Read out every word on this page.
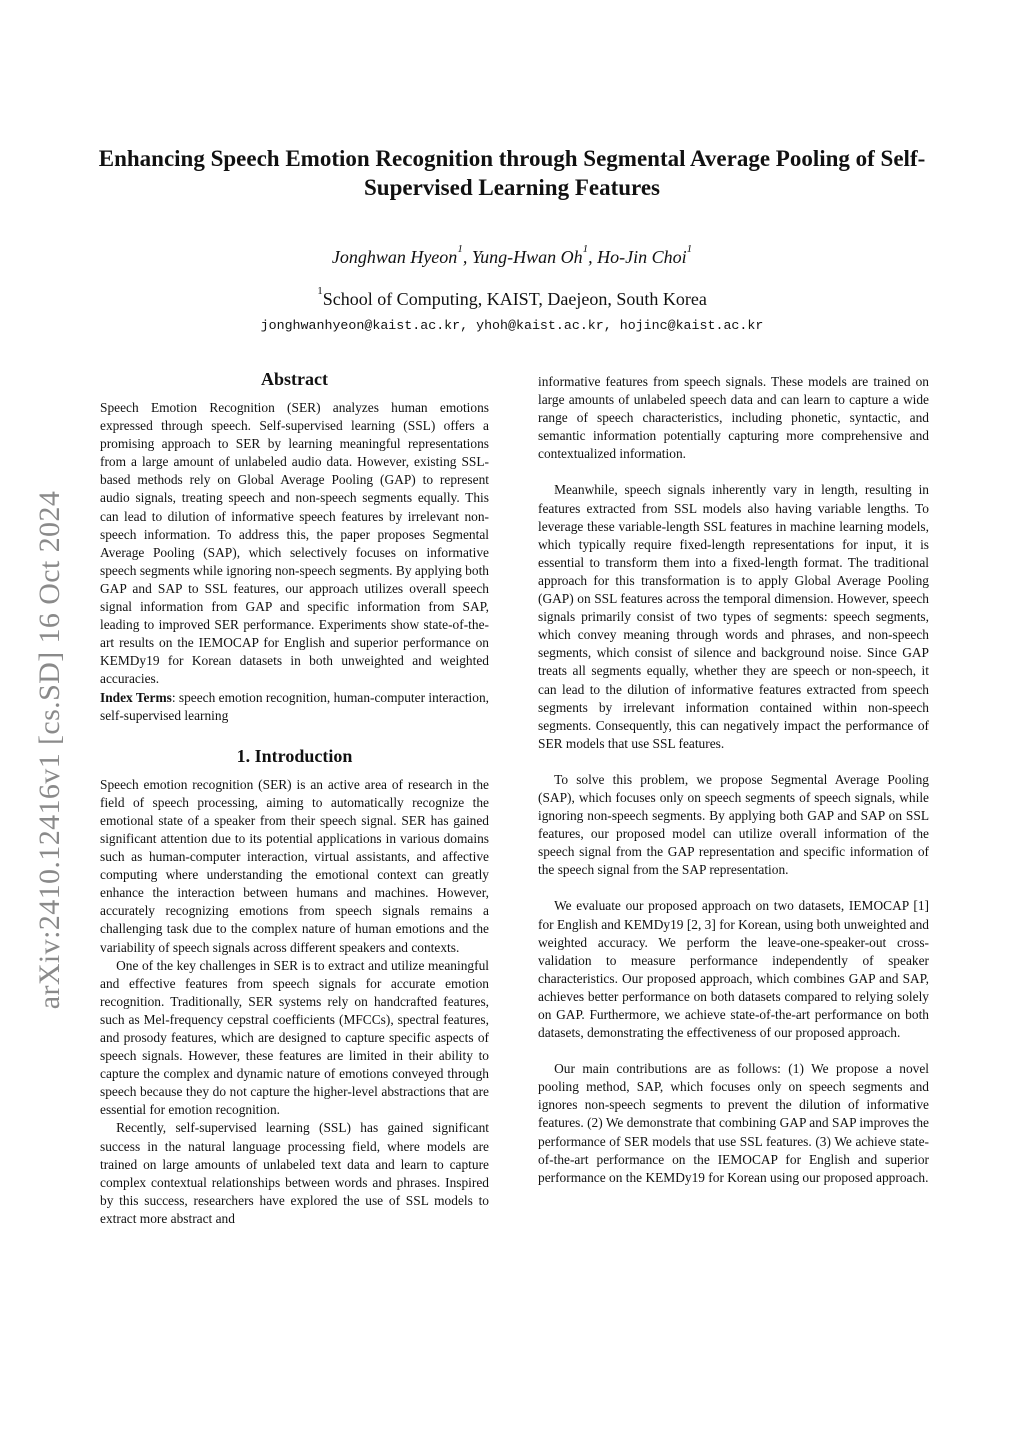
arXiv:2410.12416v1 [cs.SD] 16 Oct 2024
Enhancing Speech Emotion Recognition through Segmental Average Pooling of Self-Supervised Learning Features
Jonghwan Hyeon$^1$, Yung-Hwan Oh$^1$, Ho-Jin Choi$^1$
$^1$School of Computing, KAIST, Daejeon, South Korea
jonghwanhyeon@kaist.ac.kr, yhoh@kaist.ac.kr, hojinc@kaist.ac.kr
Abstract

Speech Emotion Recognition (SER) analyzes human emotions expressed through speech. Self-supervised learning (SSL) offers a promising approach to SER by learning meaningful representations from a large amount of unlabeled audio data. However, existing SSL-based methods rely on Global Average Pooling (GAP) to represent audio signals, treating speech and non-speech segments equally. This can lead to dilution of informative speech features by irrelevant non-speech information. To address this, the paper proposes Segmental Average Pooling (SAP), which selectively focuses on informative speech segments while ignoring non-speech segments. By applying both GAP and SAP to SSL features, our approach utilizes overall speech signal information from GAP and specific information from SAP, leading to improved SER performance. Experiments show state-of-the-art results on the IEMOCAP for English and superior performance on KEMDy19 for Korean datasets in both unweighted and weighted accuracies.

Index Terms: speech emotion recognition, human-computer interaction, self-supervised learning

1. Introduction

Speech emotion recognition (SER) is an active area of research in the field of speech processing, aiming to automatically recognize the emotional state of a speaker from their speech signal. SER has gained significant attention due to its potential applications in various domains such as human-computer interaction, virtual assistants, and affective computing where understanding the emotional context can greatly enhance the interaction between humans and machines. However, accurately recognizing emotions from speech signals remains a challenging task due to the complex nature of human emotions and the variability of speech signals across different speakers and contexts.

One of the key challenges in SER is to extract and utilize meaningful and effective features from speech signals for accurate emotion recognition. Traditionally, SER systems rely on handcrafted features, such as Mel-frequency cepstral coefficients (MFCCs), spectral features, and prosody features, which are designed to capture specific aspects of speech signals. However, these features are limited in their ability to capture the complex and dynamic nature of emotions conveyed through speech because they do not capture the higher-level abstractions that are essential for emotion recognition.

Recently, self-supervised learning (SSL) has gained significant success in the natural language processing field, where models are trained on large amounts of unlabeled text data and learn to capture complex contextual relationships between words and phrases. Inspired by this success, researchers have explored the use of SSL models to extract more abstract and

informative features from speech signals. These models are trained on large amounts of unlabeled speech data and can learn to capture a wide range of speech characteristics, including phonetic, syntactic, and semantic information potentially capturing more comprehensive and contextualized information.

Meanwhile, speech signals inherently vary in length, resulting in features extracted from SSL models also having variable lengths. To leverage these variable-length SSL features in machine learning models, which typically require fixed-length representations for input, it is essential to transform them into a fixed-length format. The traditional approach for this transformation is to apply Global Average Pooling (GAP) on SSL features across the temporal dimension. However, speech signals primarily consist of two types of segments: speech segments, which convey meaning through words and phrases, and non-speech segments, which consist of silence and background noise. Since GAP treats all segments equally, whether they are speech or non-speech, it can lead to the dilution of informative features extracted from speech segments by irrelevant information contained within non-speech segments. Consequently, this can negatively impact the performance of SER models that use SSL features.

To solve this problem, we propose Segmental Average Pooling (SAP), which focuses only on speech segments of speech signals, while ignoring non-speech segments. By applying both GAP and SAP on SSL features, our proposed model can utilize overall information of the speech signal from the GAP representation and specific information of the speech signal from the SAP representation.

We evaluate our proposed approach on two datasets, IEMOCAP [1] for English and KEMDy19 [2, 3] for Korean, using both unweighted and weighted accuracy. We perform the leave-one-speaker-out cross-validation to measure performance independently of speaker characteristics. Our proposed approach, which combines GAP and SAP, achieves better performance on both datasets compared to relying solely on GAP. Furthermore, we achieve state-of-the-art performance on both datasets, demonstrating the effectiveness of our proposed approach.

Our main contributions are as follows: (1) We propose a novel pooling method, SAP, which focuses only on speech segments and ignores non-speech segments to prevent the dilution of informative features. (2) We demonstrate that combining GAP and SAP improves the performance of SER models that use SSL features. (3) We achieve state-of-the-art performance on the IEMOCAP for English and superior performance on the KEMDy19 for Korean using our proposed approach.
